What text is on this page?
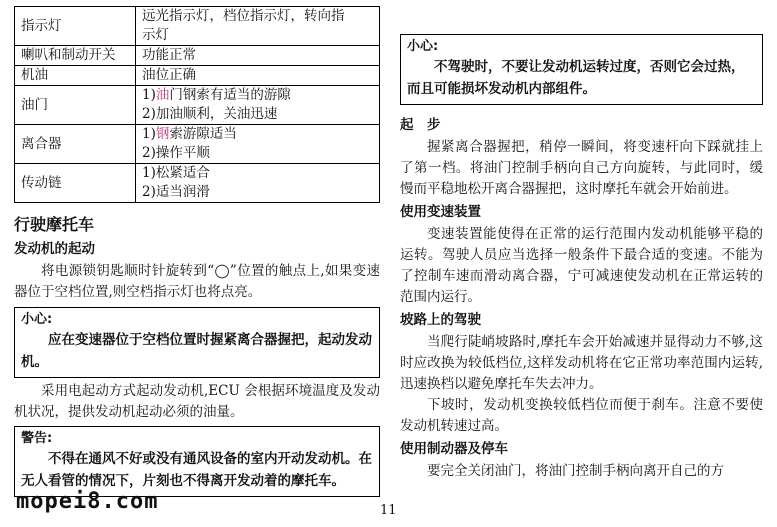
指示灯	远光指示灯，档位指示灯，转向指
示灯

喇叭和制动开关	功能正常

机油	油位正确

油门	1)油门钢索有适当的游隙
2)加油顺利，关油迅速

离合器	1)钢索游隙适当
2)操作平顺

传动链	1)松紧适合
2)适当润滑
行驶摩托车
发动机的起动

将电源锁钥匙顺时针旋转到“◯”位置的触点上,如果变速器位于空档位置,则空档指示灯也将点亮。

小心:

应在变速器位于空档位置时握紧离合器握把，起动发动机。

采用电起动方式起动发动机,ECU 会根据环境温度及发动机状况，提供发动机起动必须的油量。

警告:

不得在通风不好或没有通风设备的室内开动发动机。在无人看管的情况下，片刻也不得离开发动着的摩托车。

小心:

不驾驶时，不要让发动机运转过度，否则它会过热，而且可能损坏发动机内部组件。

起　步

握紧离合器握把，稍停一瞬间，将变速杆向下踩就挂上了第一档。将油门控制手柄向自己方向旋转，与此同时，缓慢而平稳地松开离合器握把，这时摩托车就会开始前进。

使用变速装置

变速装置能使得在正常的运行范围内发动机能够平稳的运转。驾驶人员应当选择一般条件下最合适的变速。不能为了控制车速而滑动离合器，宁可减速使发动机在正常运转的范围内运行。

坡路上的驾驶

当爬行陡峭坡路时,摩托车会开始减速并显得动力不够,这时应改换为较低档位,这样发动机将在它正常功率范围内运转,迅速换档以避免摩托车失去冲力。

下坡时，发动机变换较低档位而便于刹车。注意不要使发动机转速过高。

使用制动器及停车

要完全关闭油门，将油门控制手柄向离开自己的方

mopei8.com	11
